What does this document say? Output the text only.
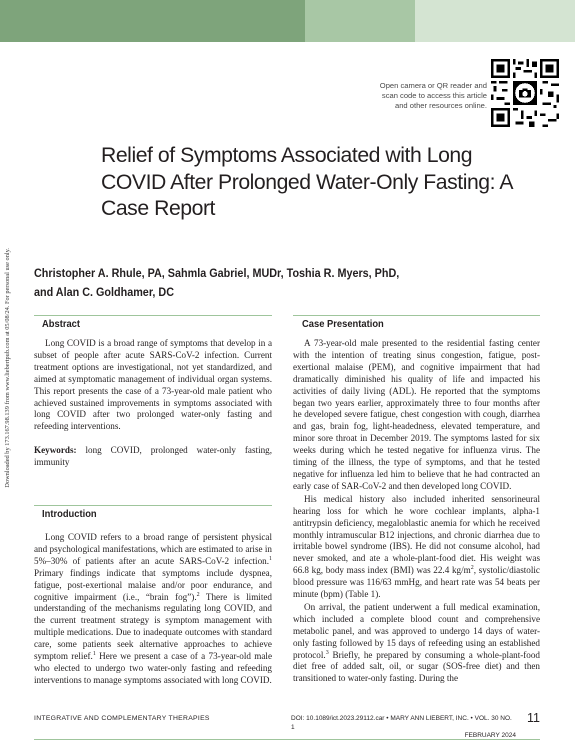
Downloaded by 173.167.98.139 from www.liebertpub.com at 05/08/24. For personal use only.
Open camera or QR reader and
scan code to access this article
and other resources online.
Relief of Symptoms Associated with Long COVID After Prolonged Water-Only Fasting: A Case Report
Christopher A. Rhule, PA, Sahmla Gabriel, MUDr, Toshia R. Myers, PhD,
and Alan C. Goldhamer, DC
Abstract

Long COVID is a broad range of symptoms that develop in a subset of people after acute SARS-CoV-2 infection. Current treatment options are investigational, not yet standardized, and aimed at symptomatic management of individual organ systems. This report presents the case of a 73-year-old male patient who achieved sustained improvements in symptoms associated with long COVID after two prolonged water-only fasting and refeeding interventions.

Keywords: long COVID, prolonged water-only fasting, immunity

Introduction

Long COVID refers to a broad range of persistent physical and psychological manifestations, which are estimated to arise in 5%–30% of patients after an acute SARS-CoV-2 infection.$^1$ Primary findings indicate that symptoms include dyspnea, fatigue, post-exertional malaise and/or poor endurance, and cognitive impairment (i.e., “brain fog”).$^2$ There is limited understanding of the mechanisms regulating long COVID, and the current treatment strategy is symptom management with multiple medications. Due to inadequate outcomes with standard care, some patients seek alternative approaches to achieve symptom relief.$^1$ Here we present a case of a 73-year-old male who elected to undergo two water-only fasting and refeeding interventions to manage symptoms associated with long COVID.

Case Presentation

A 73-year-old male presented to the residential fasting center with the intention of treating sinus congestion, fatigue, post-exertional malaise (PEM), and cognitive impairment that had dramatically diminished his quality of life and impacted his activities of daily living (ADL). He reported that the symptoms began two years earlier, approximately three to four months after he developed severe fatigue, chest congestion with cough, diarrhea and gas, brain fog, light-headedness, elevated temperature, and minor sore throat in December 2019. The symptoms lasted for six weeks during which he tested negative for influenza virus. The timing of the illness, the type of symptoms, and that he tested negative for influenza led him to believe that he had contracted an early case of SAR-CoV-2 and then developed long COVID.

His medical history also included inherited sensorineural hearing loss for which he wore cochlear implants, alpha-1 antitrypsin deficiency, megaloblastic anemia for which he received monthly intramuscular B12 injections, and chronic diarrhea due to irritable bowel syndrome (IBS). He did not consume alcohol, had never smoked, and ate a whole-plant-food diet. His weight was 66.8 kg, body mass index (BMI) was 22.4 $kg/m^2$, systolic/diastolic blood pressure was 116/63 mmHg, and heart rate was 54 beats per minute (bpm) (Table 1).

On arrival, the patient underwent a full medical examination, which included a complete blood count and comprehensive metabolic panel, and was approved to undergo 14 days of water-only fasting followed by 15 days of refeeding using an established protocol.$^3$ Briefly, he prepared by consuming a whole-plant-food diet free of added salt, oil, or sugar (SOS-free diet) and then transitioned to water-only fasting. During the

INTEGRATIVE AND COMPLEMENTARY THERAPIES	DOI: 10.1089/ict.2023.29112.car • MARY ANN LIEBERT, INC. • VOL. 30 NO. 1
FEBRUARY 2024
11
